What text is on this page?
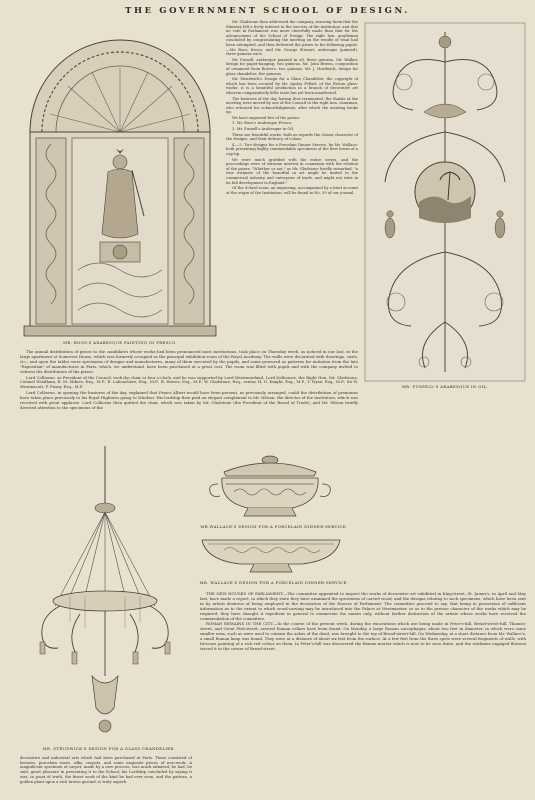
THE GOVERNMENT SCHOOL OF DESIGN.
MR. ROOS'S ARABESQUE PAINTING IN FRESCO.

Mr. Gladstone then addressed the company, assuring them that the Ministry felt a lively interest in the success of the institution, and that no vote in Parliament was more cheerfully made than that for the advancement of the School of Design. The right hon. gentleman concluded by congratulating the meeting on the results of what had been attempted, and then delivered the prizes to the following pupils:—Mr. Roos, fresco, and Mr. George Stewart, arabesque (painted), three guineas each.

Mr. Fussell, arabesque painted in oil, three guineas. Mr. Walker, design for paper-hanging, two guineas. Mr. John Brown, composition of ornament from flowers, two guineas. Mr. J. Hurdwick, design for glass chandelier, five guineas.

Mr. Strudwick's Design for a Glass Chandelier, the copyright of which has been secured by Mr. Apsley Pellatt, of the Falcon glass-works: it is a beautiful production in a branch of decorative art wherein comparatively little taste has yet been manifested.

The business of the day having thus terminated, the thanks of the meeting were moved by one of the Council to the right hon. chairman, who returned his acknowledgments; after which the meeting broke up.

We have engraved five of the prizes:

1. Mr. Roos's Arabesque Fresco.

2. Mr. Fussell's Arabesque in Oil.

These are beautiful works, both as regards the classic character of the designs, and their delicacy of colour.

4.—5. Two designs for a Porcelain Dinner Service, by Mr. Wallace: both presenting highly commendable specimens of the best forms of a cup-tip.

We were much gratified with the entire series, and the proceedings were of extreme interest in connexion with the relation of the prizes. "Whether or not," as Mr. Gladstone briefly remarked, "a true estimate of the beautiful in art might be united to the commercial industry and enterprise of trade, and might not exist in its full development in England."

Of the School room, an engraving, accompanied by a brief account of the origin of the Institution, will be found in No. 59 of our journal.

MR. FUSSELL'S ARABESQUE IN OIL.

The annual distribution of prizes to the candidates whose works had been pronounced most meritorious, took place on Thursday week, as noticed in our last, in the large apartment at Somerset House, which was formerly occupied as the principal exhibition-room of the Royal Academy. The walls were decorated with drawings, casts, &c.; and upon the tables were specimens of designs and manufactures, many of them executed by the pupils, and some procured as patterns for imitation from the late "Exposition" of manufactures in Paris, which, we understand, have been purchased at a great cost. The room was filled with pupils and with the company invited to witness the distribution of the prizes.

Lord Colborne, as President of the Council, took the chair at four o'clock, and he was supported by Lord Westmoreland, Lord Dalhousie, the Right Hon. Mr. Gladstone, Colonel Windham, R. M. Milnes, Esq., M.P., R. Labouchere, Esq., M.P., B. Hawes, Esq., M.P., W. Gladstone, Esq., senior, H. G. Knight, Esq., M.P., T. Wyse, Esq., M.P., Sir R. Westmacott, P. Pusey, Esq., M.P.

Lord Colborne, in opening the business of the day, explained that Prince Albert would have been present, as previously arranged, could the distribution of premiums have taken place previously to his Royal Highness going to Windsor. His lordship then paid an elegant compliment to Mr. Wilson, the director of the Institution, which was received with great applause. Lord Colborne then quitted the chair, which was taken by Mr. Gladstone (the President of the Board of Trade); and Mr. Wilson briefly directed attention to the specimens of the

MR.WALLACE'S DESIGN FOR A PORCELAIN DINNER-SERVICE.
MR. WALLACE'S DESIGN FOR A PORCELAIN DINNER-SERVICE.
MR. STRUDWICK'S DESIGN FOR A GLASS CHANDELIER.

THE NEW HOUSES OF PARLIAMENT.—The committee appointed to inspect the works of decorative art exhibited in King-street, St. James's, in April and May last, have made a report, in which they state they have examined the specimens of carved wood, and the designs relating to such specimens, which have been sent in by artists desirous of being employed in the decoration of the Houses of Parliament. The committee proceed to say, that being in possession of sufficient information as to the extent to which wood-carving may be introduced into the Palace at Westminster, or as to the precise character of the works which may be required, they have thought it expedient in general to enumerate the names only, without farther distinction of the artists whose works have received the commendation of the committee.

ROMAN REMAINS IN THE CITY.—In the course of the present week, during the excavations which are being made in Peter's-hill, Bread-street-hill, Thames-street, and Great Fish-street, several Roman cellars have been found. On Monday, a large Roman sarcophagus, about two feet in diameter, in which were some smaller urns, such as were used to contain the ashes of the dead, was brought to the top of Bread-street-hill. On Wednesday, at a short distance from Mr. Wallace's, a small Roman lamp was found. They were at a distance of about six feet from the surface. At a few feet from the three spots were several fragments of walls, with frescoes painting of a rich red colour on them. In Peter's-hill was discovered the Roman mortar which is now to be seen there, and the workmen engaged thereon traced it to the corner of Bread-street.

decorative and industrial arts which had been purchased at Paris. These consisted of bronzes, porcelain vases, silks, carpets, and some exquisite pieces of iron-work. A magnificent specimen of carpet, made by a new process, was much admired; he had, he said, great pleasure in presenting it to the School; his Lordship concluded by saying it was, in point of truth, the finest work of the kind he had ever seen, and the pattern, a golden plant upon a rich brown ground, is truly superb.
